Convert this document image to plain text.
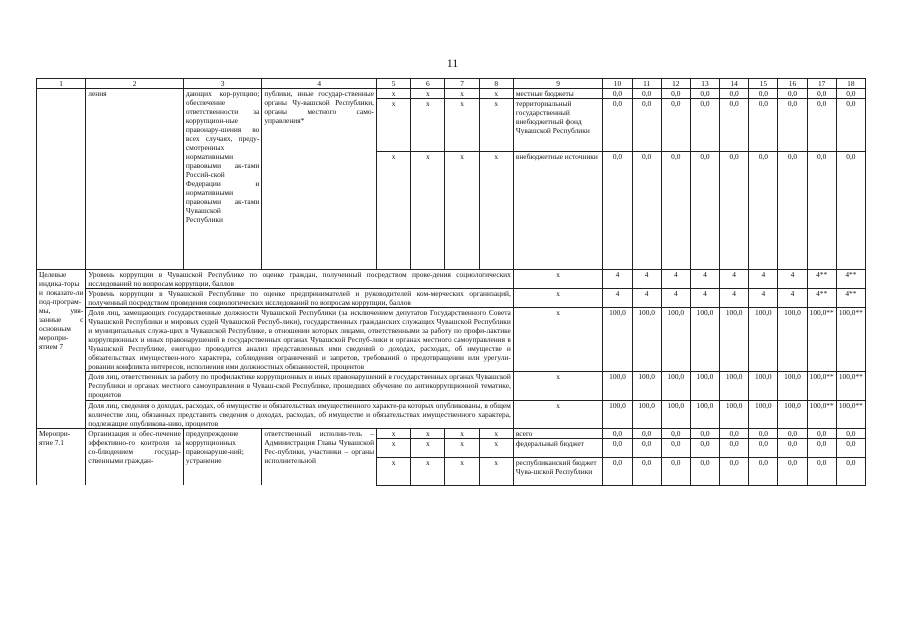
11
1	2	3	4	5	6	7	8	9	10	11	12	13	14	15	16	17	18
	ления	дающих кор-рупцию; обеспечение ответственности за коррупцион-ные правонару-шения во всех случаях, преду-смотренных нормативными правовыми ак-тами Россий-ской Федерации и нормативными правовыми ак-тами Чувашской Республики	публики, иные государ-ственные органы Чу-вашской Республики, органы местного само-управления*	x	x	x	x	местные бюджеты	0,0	0,0	0,0	0,0	0,0	0,0	0,0	0,0	0,0
				x	x	x	x	территориальный государственный внебюджетный фонд Чувашской Республики	0,0	0,0	0,0	0,0	0,0	0,0	0,0	0,0	0,0
				x	x	x	x	внебюджетные источники	0,0	0,0	0,0	0,0	0,0	0,0	0,0	0,0	0,0
Целевые индика-торы и показате-ли под-програм-мы, увя-занные с основным меропри-ятием 7	Уровень коррупции в Чувашской Республике по оценке граждан, полученный посредством прове-дения социологических исследований по вопросам коррупции, баллов							x	4	4	4	4	4	4	4	4**	4**
	Уровень коррупции в Чувашской Республике по оценке предпринимателей и руководителей ком-мерческих организаций, полученный посредством проведения социологических исследований по вопросам коррупции, баллов							x	4	4	4	4	4	4	4	4**	4**
	Доля лиц, замещающих государственные должности Чувашской Республики (за исключением депутатов Государственного Совета Чувашской Республики и мировых судей Чувашской Респуб-лики), государственных гражданских служащих Чувашской Республики и муниципальных служа-щих в Чувашской Республике, в отношении которых лицами, ответственными за работу по профи-лактике коррупционных и иных правонарушений в государственных органах Чувашской Респуб-лики и органах местного самоуправления в Чувашской Республике, ежегодно проводится анализ представленных ими сведений о доходах, расходах, об имуществе и обязательствах имуществен-ного характера, соблюдения ограничений и запретов, требований о предотвращении или урегули-ровании конфликта интересов, исполнения ими должностных обязанностей, процентов							x	100,0	100,0	100,0	100,0	100,0	100,0	100,0	100,0**	100,0**
	Доля лиц, ответственных за работу по профилактике коррупционных и иных правонарушений в государственных органах Чувашской Республики и органах местного самоуправления в Чуваш-ской Республике, прошедших обучение по антикоррупционной тематике, процентов							x	100,0	100,0	100,0	100,0	100,0	100,0	100,0	100,0**	100,0**
	Доля лиц, сведения о доходах, расходах, об имуществе и обязательствах имущественного характе-ра которых опубликованы, в общем количестве лиц, обязанных представить сведения о доходах, расходах, об имуществе и обязательствах имущественного характера, подлежащие опубликова-нию, процентов							x	100,0	100,0	100,0	100,0	100,0	100,0	100,0	100,0**	100,0**
Меропри-ятие 7.1	Организация и обес-печение эффективно-го контроля за со-блюдением государ-ственными граждан-	предупреждение коррупционных правонаруше-ний; устранение	ответственный исполни-тель – Администрация Главы Чувашской Рес-публики, участники – органы исполнительной	x	x	x	x	всего	0,0	0,0	0,0	0,0	0,0	0,0	0,0	0,0	0,0
				x	x	x	x	федеральный бюджет	0,0	0,0	0,0	0,0	0,0	0,0	0,0	0,0	0,0
				x	x	x	x	республиканский бюджет Чува-шской Республики	0,0	0,0	0,0	0,0	0,0	0,0	0,0	0,0	0,0
